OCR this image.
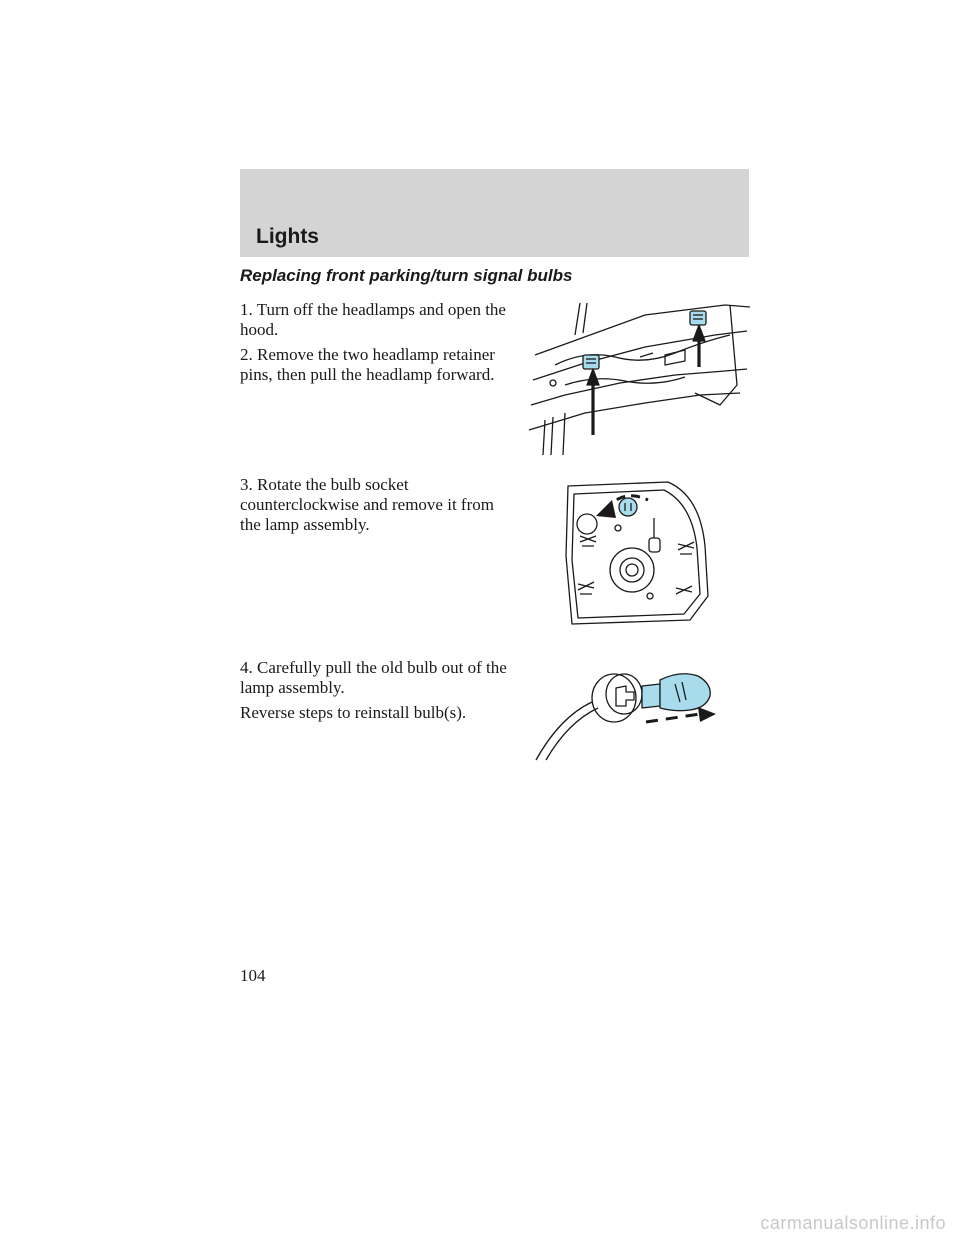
Lights
Replacing front parking/turn signal bulbs

1. Turn off the headlamps and open the hood.

2. Remove the two headlamp retainer pins, then pull the headlamp forward.

3. Rotate the bulb socket counterclockwise and remove it from the lamp assembly.

4. Carefully pull the old bulb out of the lamp assembly.

Reverse steps to reinstall bulb(s).

104

carmanualsonline.info
